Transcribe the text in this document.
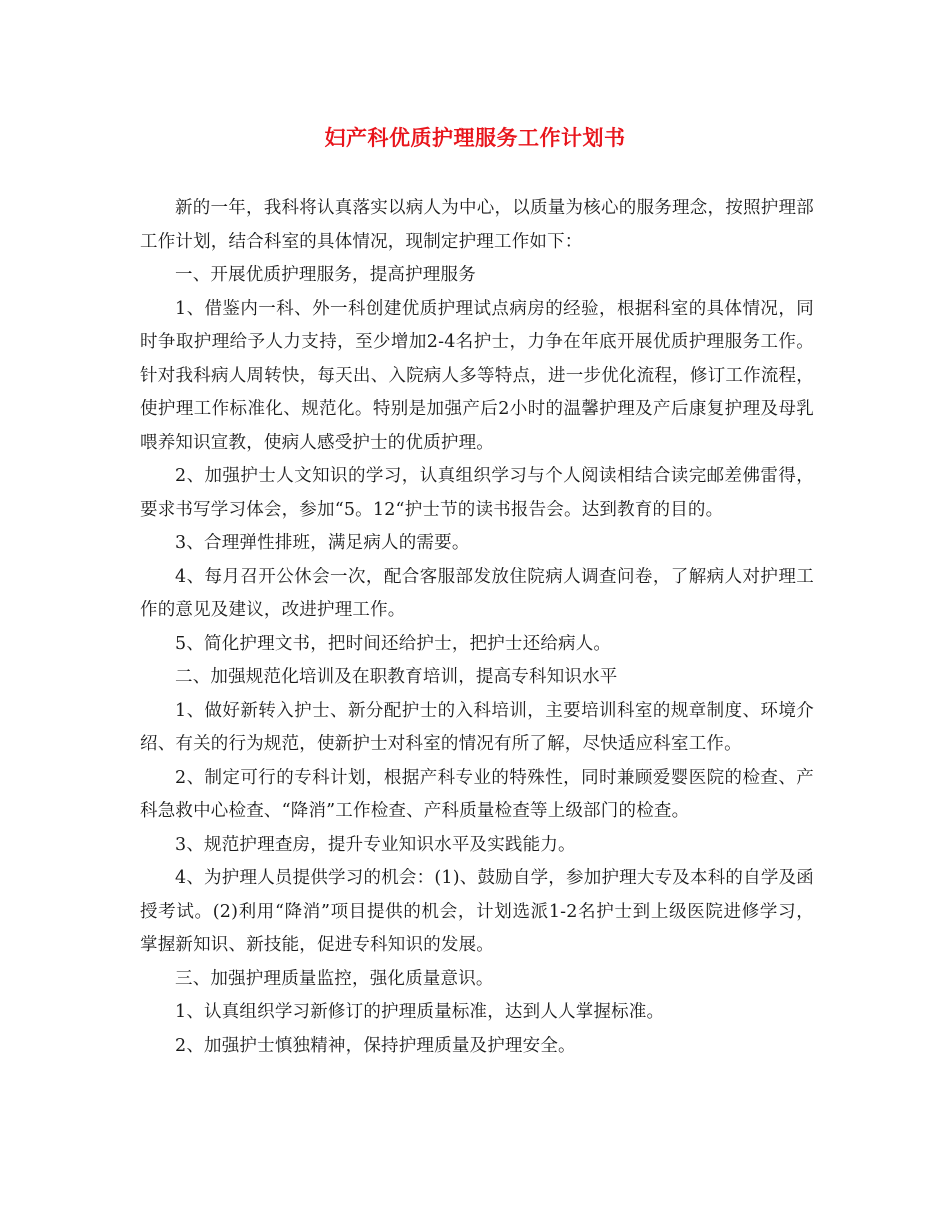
妇产科优质护理服务工作计划书

新的一年，我科将认真落实以病人为中心，以质量为核心的服务理念，按照护理部工作计划，结合科室的具体情况，现制定护理工作如下：

一、开展优质护理服务，提高护理服务

1、借鉴内一科、外一科创建优质护理试点病房的经验，根据科室的具体情况，同时争取护理给予人力支持，至少增加2-4名护士，力争在年底开展优质护理服务工作。针对我科病人周转快，每天出、入院病人多等特点，进一步优化流程，修订工作流程，使护理工作标准化、规范化。特别是加强产后2小时的温馨护理及产后康复护理及母乳喂养知识宣教，使病人感受护士的优质护理。

2、加强护士人文知识的学习，认真组织学习与个人阅读相结合读完邮差佛雷得，要求书写学习体会，参加“5。12“护士节的读书报告会。达到教育的目的。

3、合理弹性排班，满足病人的需要。

4、每月召开公休会一次，配合客服部发放住院病人调查问卷，了解病人对护理工作的意见及建议，改进护理工作。

5、简化护理文书，把时间还给护士，把护士还给病人。

二、加强规范化培训及在职教育培训，提高专科知识水平

1、做好新转入护士、新分配护士的入科培训，主要培训科室的规章制度、环境介绍、有关的行为规范，使新护士对科室的情况有所了解，尽快适应科室工作。

2、制定可行的专科计划，根据产科专业的特殊性，同时兼顾爱婴医院的检查、产科急救中心检查、“降消”工作检查、产科质量检查等上级部门的检查。

3、规范护理查房，提升专业知识水平及实践能力。

4、为护理人员提供学习的机会：(1)、鼓励自学，参加护理大专及本科的自学及函授考试。(2)利用“降消”项目提供的机会，计划选派1-2名护士到上级医院进修学习，掌握新知识、新技能，促进专科知识的发展。

三、加强护理质量监控，强化质量意识。

1、认真组织学习新修订的护理质量标准，达到人人掌握标准。

2、加强护士慎独精神，保持护理质量及护理安全。
